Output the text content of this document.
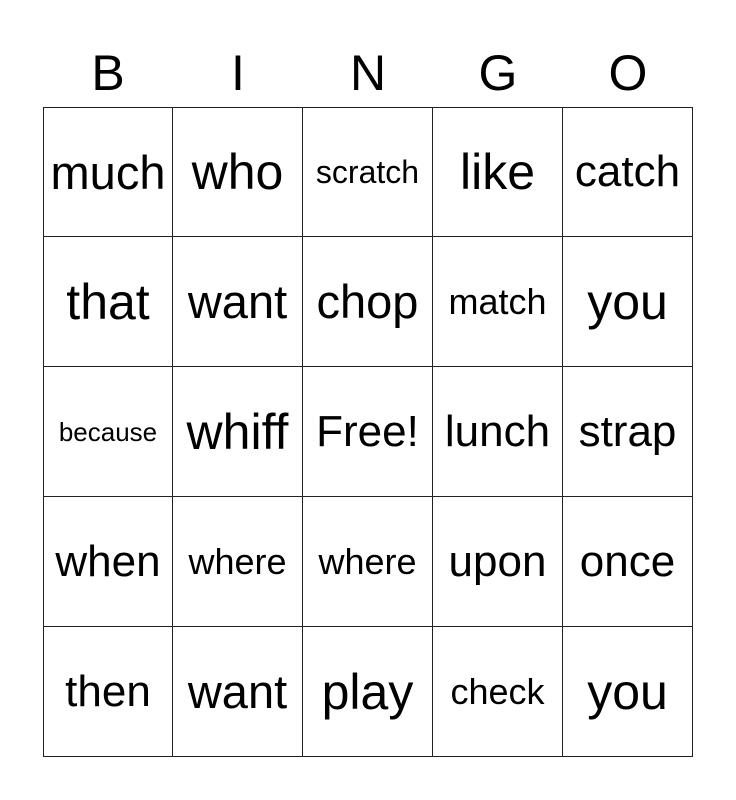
B	I	N	G	O
much who	scratch like catch
that want chop match you
because whiff Free! lunch strap
when where where upon once
then want play	check you
